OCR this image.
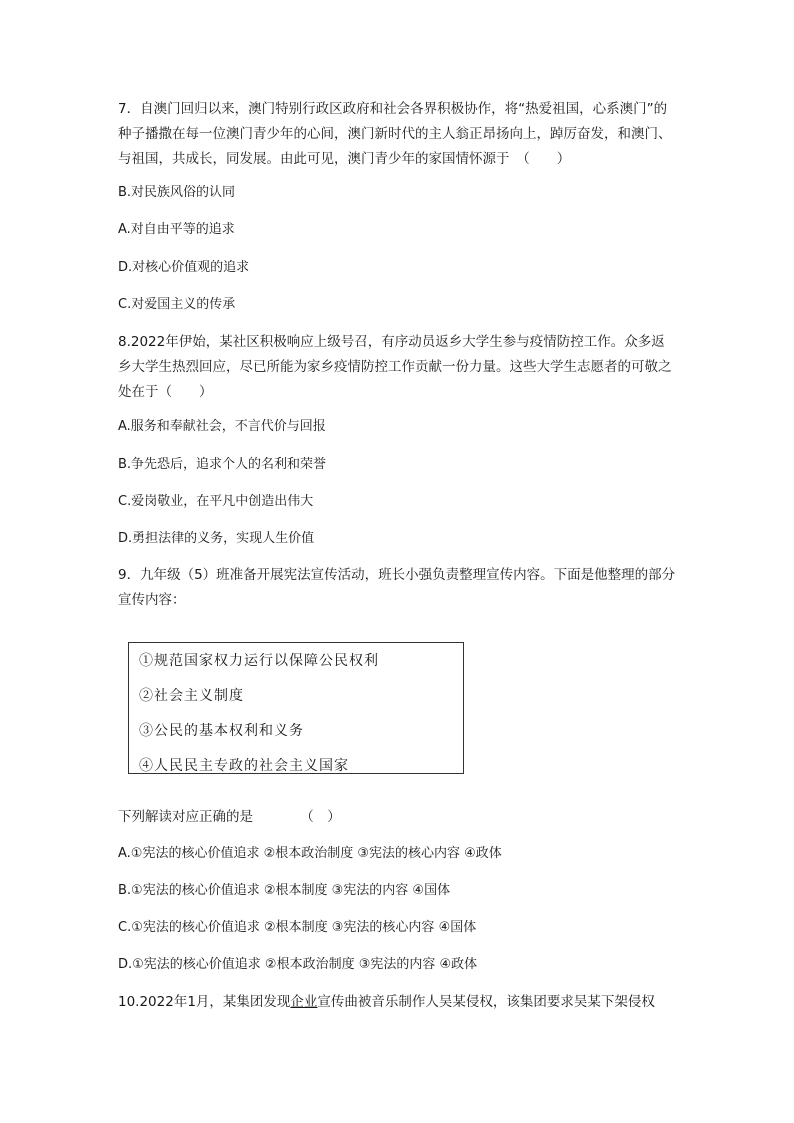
7．自澳门回归以来，澳门特别行政区政府和社会各界积极协作，将“热爱祖国，心系澳门”的种子播撒在每一位澳门青少年的心间，澳门新时代的主人翁正昂扬向上，踔厉奋发，和澳门、与祖国，共成长，同发展。由此可见，澳门青少年的家国情怀源于　（　　）
B.对民族风俗的认同
A.对自由平等的追求
D.对核心价值观的追求
C.对爱国主义的传承
8.2022年伊始，某社区积极响应上级号召，有序动员返乡大学生参与疫情防控工作。众多返乡大学生热烈回应，尽已所能为家乡疫情防控工作贡献一份力量。这些大学生志愿者的可敬之处在于（　　）
A.服务和奉献社会，不言代价与回报
B.争先恐后，追求个人的名利和荣誉
C.爱岗敬业，在平凡中创造出伟大
D.勇担法律的义务，实现人生价值
9．九年级（5）班准备开展宪法宣传活动，班长小强负责整理宣传内容。下面是他整理的部分宣传内容：
①规范国家权力运行以保障公民权利
②社会主义制度
③公民的基本权利和义务
④人民民主专政的社会主义国家
下列解读对应正确的是　　　　（　）
A.①宪法的核心价值追求 ②根本政治制度 ③宪法的核心内容 ④政体
B.①宪法的核心价值追求 ②根本制度 ③宪法的内容 ④国体
C.①宪法的核心价值追求 ②根本制度 ③宪法的核心内容 ④国体
D.①宪法的核心价值追求 ②根本政治制度 ③宪法的内容 ④政体
10.2022年1月，某集团发现企业宣传曲被音乐制作人吴某侵权，该集团要求吴某下架侵权
